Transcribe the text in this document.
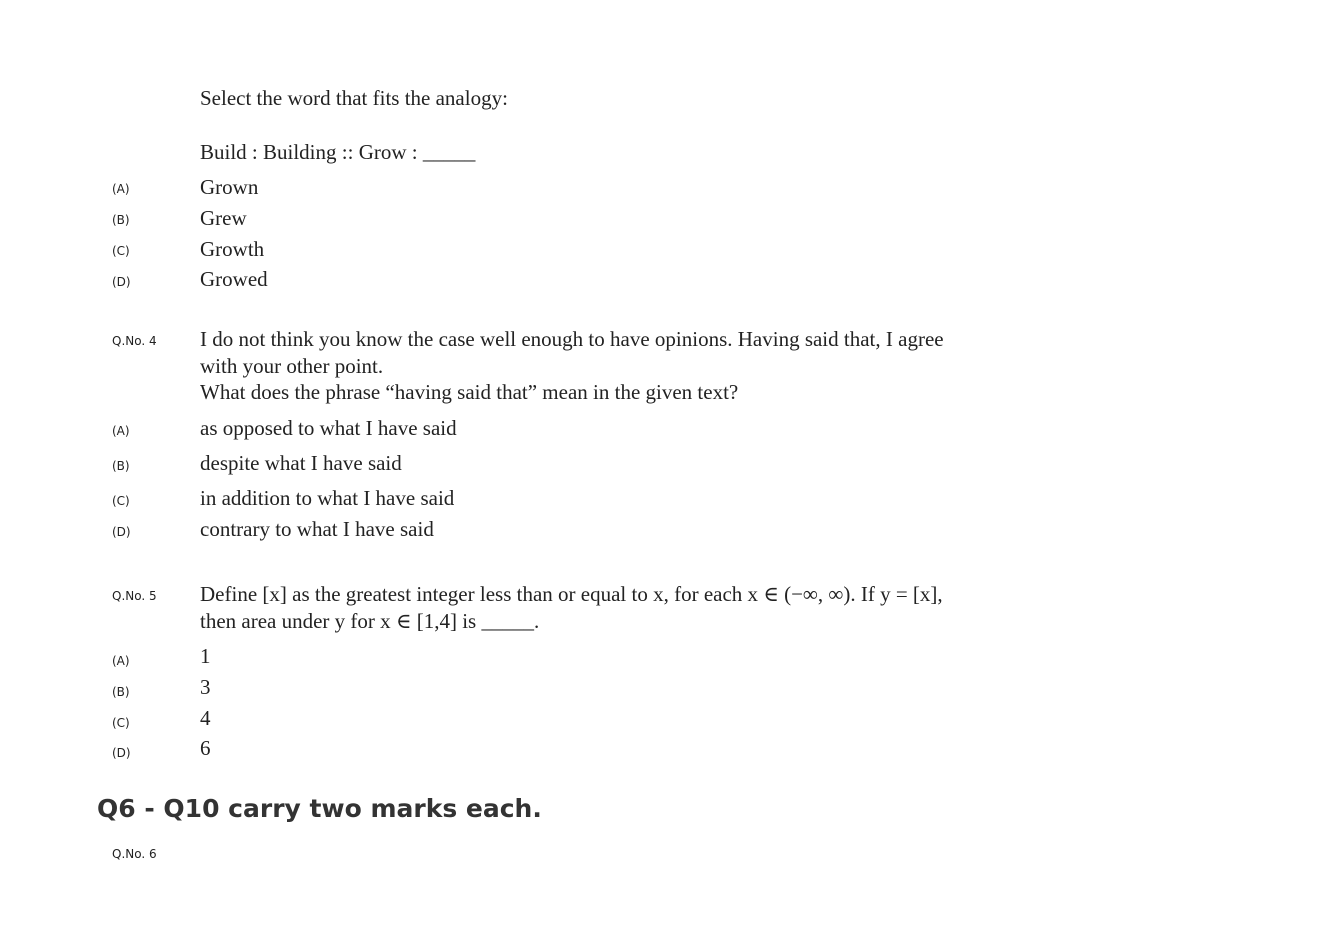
Select the word that fits the analogy:
Build : Building :: Grow : _____
(A)	Grown
(B)	Grew
(C)	Growth
(D)	Growed
Q.No. 4 I do not think you know the case well enough to have opinions. Having said that, I agree
with your other point.
What does the phrase “having said that” mean in the given text?
(A)	as opposed to what I have said
(B)	despite what I have said
(C)	in addition to what I have said
(D)	contrary to what I have said
Q.No. 5 Define [x] as the greatest integer less than or equal to x, for each x ∈ (−∞, ∞). If y = [x],
then area under y for x ∈ [1,4] is _____.
(A)	1
(B)	3
(C)	4
(D)	6
Q6 - Q10 carry two marks each.
Q.No. 6
